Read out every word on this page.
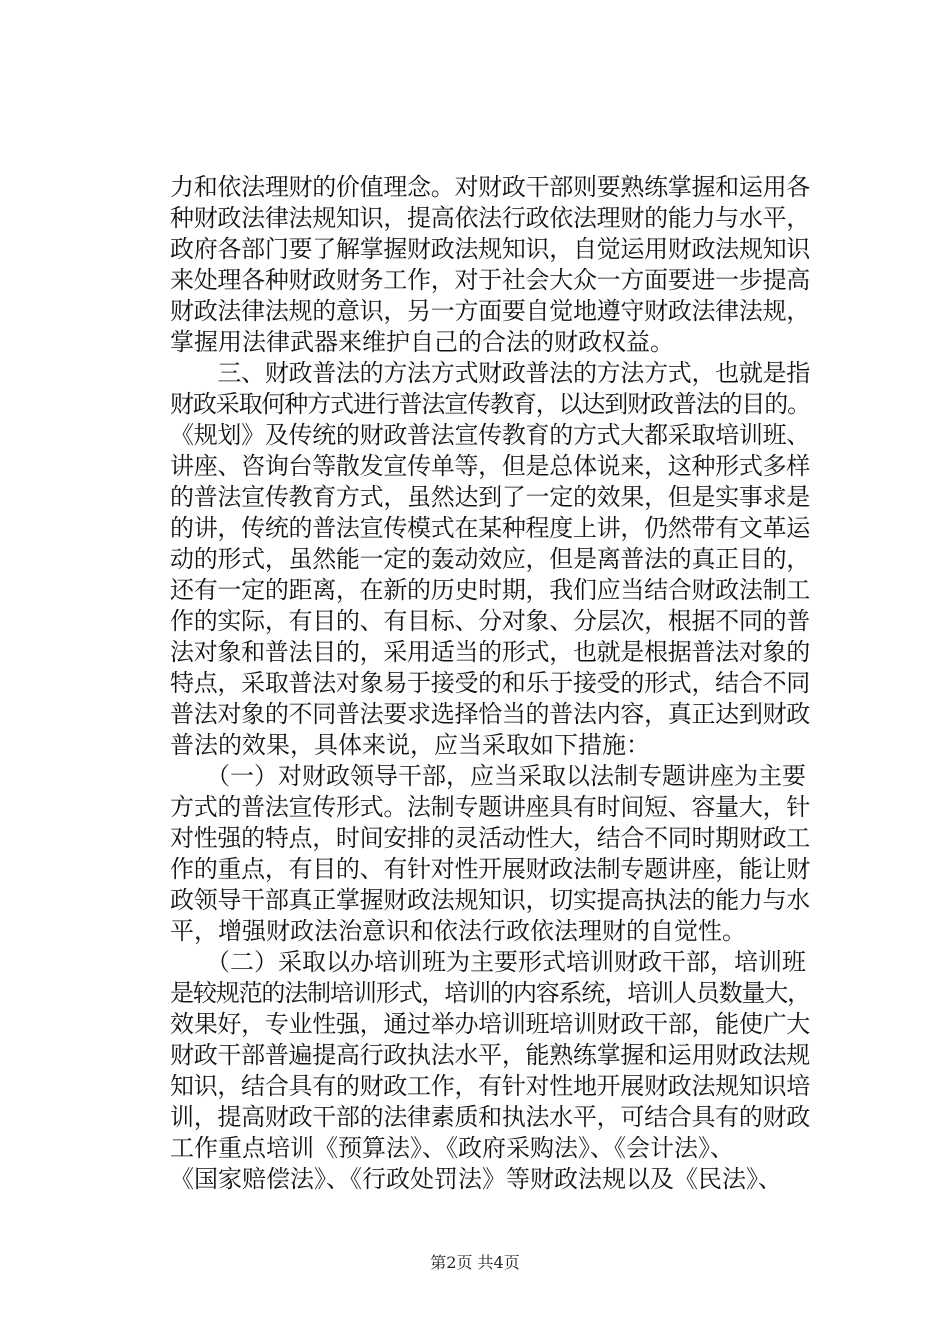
力和依法理财的价值理念。对财政干部则要熟练掌握和运用各
种财政法律法规知识，提高依法行政依法理财的能力与水平，
政府各部门要了解掌握财政法规知识，自觉运用财政法规知识
来处理各种财政财务工作，对于社会大众一方面要进一步提高
财政法律法规的意识，另一方面要自觉地遵守财政法律法规，
掌握用法律武器来维护自己的合法的财政权益。
　　三、财政普法的方法方式财政普法的方法方式，也就是指
财政采取何种方式进行普法宣传教育，以达到财政普法的目的。
《规划》及传统的财政普法宣传教育的方式大都采取培训班、
讲座、咨询台等散发宣传单等，但是总体说来，这种形式多样
的普法宣传教育方式，虽然达到了一定的效果，但是实事求是
的讲，传统的普法宣传模式在某种程度上讲，仍然带有文革运
动的形式，虽然能一定的轰动效应，但是离普法的真正目的，
还有一定的距离，在新的历史时期，我们应当结合财政法制工
作的实际，有目的、有目标、分对象、分层次，根据不同的普
法对象和普法目的，采用适当的形式，也就是根据普法对象的
特点，采取普法对象易于接受的和乐于接受的形式，结合不同
普法对象的不同普法要求选择恰当的普法内容，真正达到财政
普法的效果，具体来说，应当采取如下措施：
　　（一）对财政领导干部，应当采取以法制专题讲座为主要
方式的普法宣传形式。法制专题讲座具有时间短、容量大，针
对性强的特点，时间安排的灵活动性大，结合不同时期财政工
作的重点，有目的、有针对性开展财政法制专题讲座，能让财
政领导干部真正掌握财政法规知识，切实提高执法的能力与水
平，增强财政法治意识和依法行政依法理财的自觉性。
　　（二）采取以办培训班为主要形式培训财政干部，培训班
是较规范的法制培训形式，培训的内容系统，培训人员数量大，
效果好，专业性强，通过举办培训班培训财政干部，能使广大
财政干部普遍提高行政执法水平，能熟练掌握和运用财政法规
知识，结合具有的财政工作，有针对性地开展财政法规知识培
训，提高财政干部的法律素质和执法水平，可结合具有的财政
工作重点培训《预算法》、《政府采购法》、《会计法》、
《国家赔偿法》、《行政处罚法》等财政法规以及《民法》、
第2页 共4页
